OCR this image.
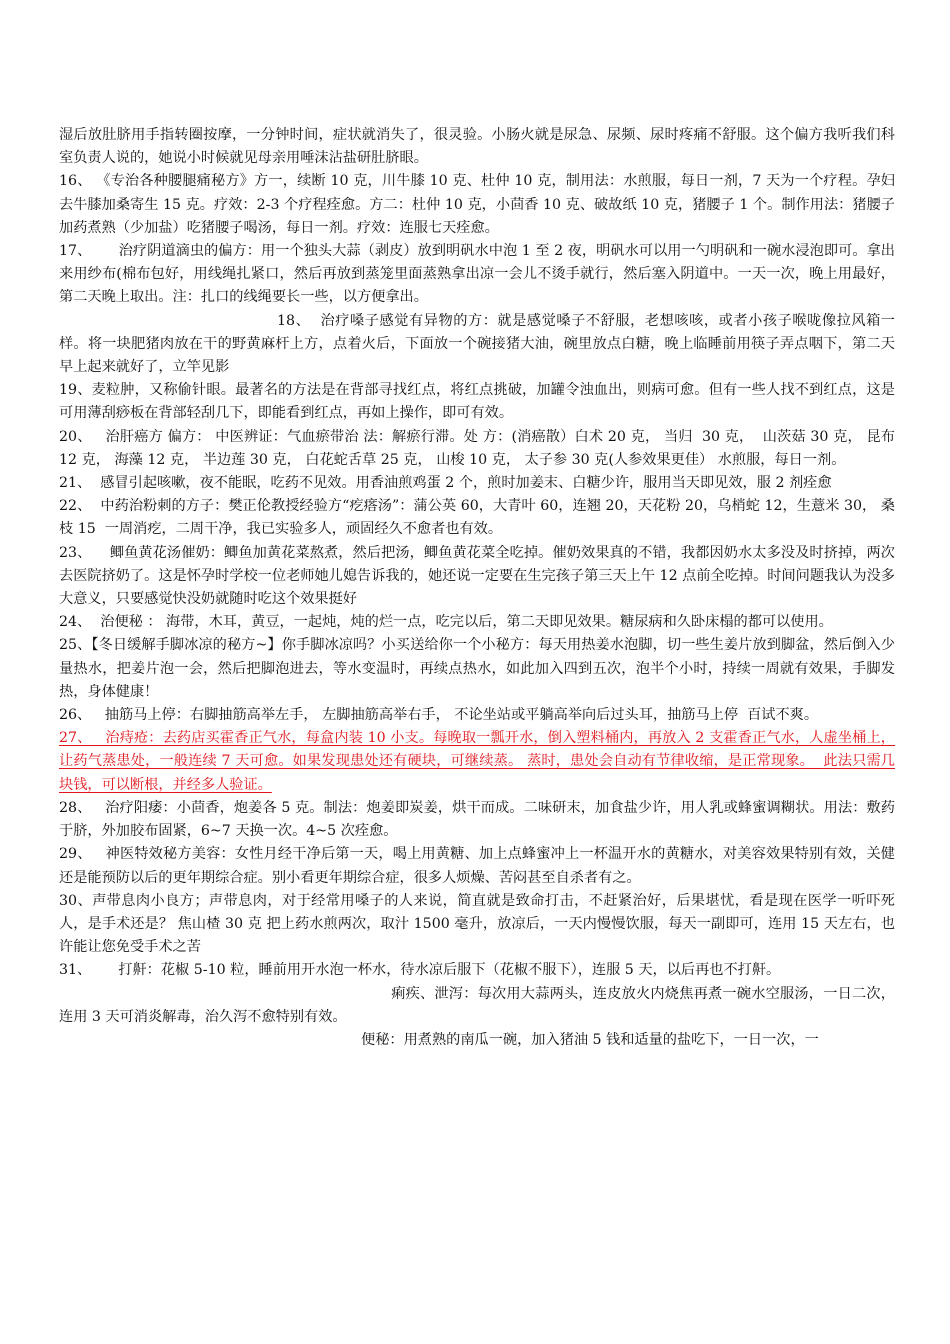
湿后放肚脐用手指转圈按摩，一分钟时间，症状就消失了，很灵验。小肠火就是尿急、尿频、尿时疼痛不舒服。这个偏方我听我们科室负责人说的，她说小时候就见母亲用唾沫沾盐研肚脐眼。

16、 《专治各种腰腿痛秘方》方一，续断 10 克，川牛膝 10 克、杜仲 10 克，制用法：水煎服，每日一剂，7 天为一个疗程。孕妇去牛膝加桑寄生 15 克。疗效：2-3 个疗程痊愈。方二：杜仲 10 克，小茴香 10 克、破故纸 10 克，猪腰子 1 个。制作用法：猪腰子加药煮熟（少加盐）吃猪腰子喝汤，每日一剂。疗效：连服七天痊愈。

17、      治疗阴道滴虫的偏方：用一个独头大蒜（剥皮）放到明矾水中泡 1 至 2 夜，明矾水可以用一勺明矾和一碗水浸泡即可。拿出来用纱布(棉布包好，用线绳扎紧口，然后再放到蒸笼里面蒸熟拿出凉一会儿不烫手就行，然后塞入阴道中。一天一次，晚上用最好，第二天晚上取出。注：扎口的线绳要长一些，以方便拿出。

18、  治疗嗓子感觉有异物的方：就是感觉嗓子不舒服，老想咳咳，或者小孩子喉咙像拉风箱一样。将一块肥猪肉放在干的野黄麻杆上方，点着火后，下面放一个碗接猪大油，碗里放点白糖，晚上临睡前用筷子弄点咽下，第二天早上起来就好了，立竿见影

19、麦粒肿，又称偷针眼。最著名的方法是在背部寻找红点，将红点挑破，加罐令浊血出，则病可愈。但有一些人找不到红点，这是可用薄刮痧板在背部轻刮几下，即能看到红点，再如上操作，即可有效。

20、   治肝癌方 偏方： 中医辨证：气血瘀带治 法：解瘀行滞。处 方：(消癌散）白术 20 克， 当归  30 克，  山茨菇 30 克， 昆布 12 克， 海藻 12 克， 半边莲 30 克， 白花蛇舌草 25 克， 山梭 10 克， 太子参 30 克(人参效果更佳） 水煎服，每日一剂。

21、  感冒引起咳嗽，夜不能眠，吃药不见效。用香油煎鸡蛋 2 个，煎时加姜末、白糖少许，服用当天即见效，服 2 剂痊愈

22、  中药治粉刺的方子：樊正伦教授经验方“疙瘩汤”：蒲公英 60，大青叶 60，连翘 20，天花粉 20，乌梢蛇 12，生薏米 30， 桑枝 15  一周消疙，二周干净，我已实验多人，顽固经久不愈者也有效。

23、    鲫鱼黄花汤催奶：鲫鱼加黄花菜熬煮，然后把汤，鲫鱼黄花菜全吃掉。催奶效果真的不错，我都因奶水太多没及时挤掉，两次去医院挤奶了。这是怀孕时学校一位老师她儿媳告诉我的，她还说一定要在生完孩子第三天上午 12 点前全吃掉。时间问题我认为没多大意义，只要感觉快没奶就随时吃这个效果挺好

24、  治便秘 ： 海带，木耳，黄豆，一起炖，炖的烂一点，吃完以后，第二天即见效果。糖尿病和久卧床榻的都可以使用。

25、【冬日缓解手脚冰凉的秘方~】你手脚冰凉吗？小买送给你一个小秘方：每天用热姜水泡脚，切一些生姜片放到脚盆，然后倒入少量热水，把姜片泡一会，然后把脚泡进去，等水变温时，再续点热水，如此加入四到五次，泡半个小时，持续一周就有效果，手脚发热，身体健康！

26、   抽筋马上停：右脚抽筋高举左手， 左脚抽筋高举右手， 不论坐站或平躺高举向后过头耳，抽筋马上停  百试不爽。

27、   治痔疮：去药店买霍香正气水，每盒内装 10 小支。每晚取一瓢开水，倒入塑料桶内，再放入 2 支霍香正气水，人虚坐桶上，让药气蒸患处，一般连续 7 天可愈。如果发现患处还有硬块，可继续蒸。 蒸时，患处会自动有节律收缩，是正常现象。  此法只需几块钱，可以断根，并经多人验证。

28、   治疗阳痿：小茴香，炮姜各 5 克。制法：炮姜即炭姜，烘干而成。二味研末，加食盐少许，用人乳或蜂蜜调糊状。用法：敷药于脐，外加胶布固紧，6~7 天换一次。4~5 次痊愈。

29、   神医特效秘方美容：女性月经干净后第一天，喝上用黄糖、加上点蜂蜜冲上一杯温开水的黄糖水，对美容效果特别有效，关健还是能预防以后的更年期综合症。别小看更年期综合症，很多人烦燥、苦闷甚至自杀者有之。

30、声带息肉小良方；声带息肉，对于经常用嗓子的人来说，简直就是致命打击，不赶紧治好，后果堪忧，看是现在医学一听吓死人，是手术还是？ 焦山楂 30 克 把上药水煎两次，取汁 1500 毫升，放凉后，一天内慢慢饮服，每天一副即可，连用 15 天左右，也许能让您免受手术之苦

31、      打鼾：花椒 5-10 粒，睡前用开水泡一杯水，待水凉后服下（花椒不服下），连服 5 天，以后再也不打鼾。

痢疾、泄泻：每次用大蒜两头，连皮放火内烧焦再煮一碗水空服汤，一日二次，连用 3 天可消炎解毒，治久泻不愈特别有效。

便秘：用煮熟的南瓜一碗，加入猪油 5 钱和适量的盐吃下，一日一次，一
